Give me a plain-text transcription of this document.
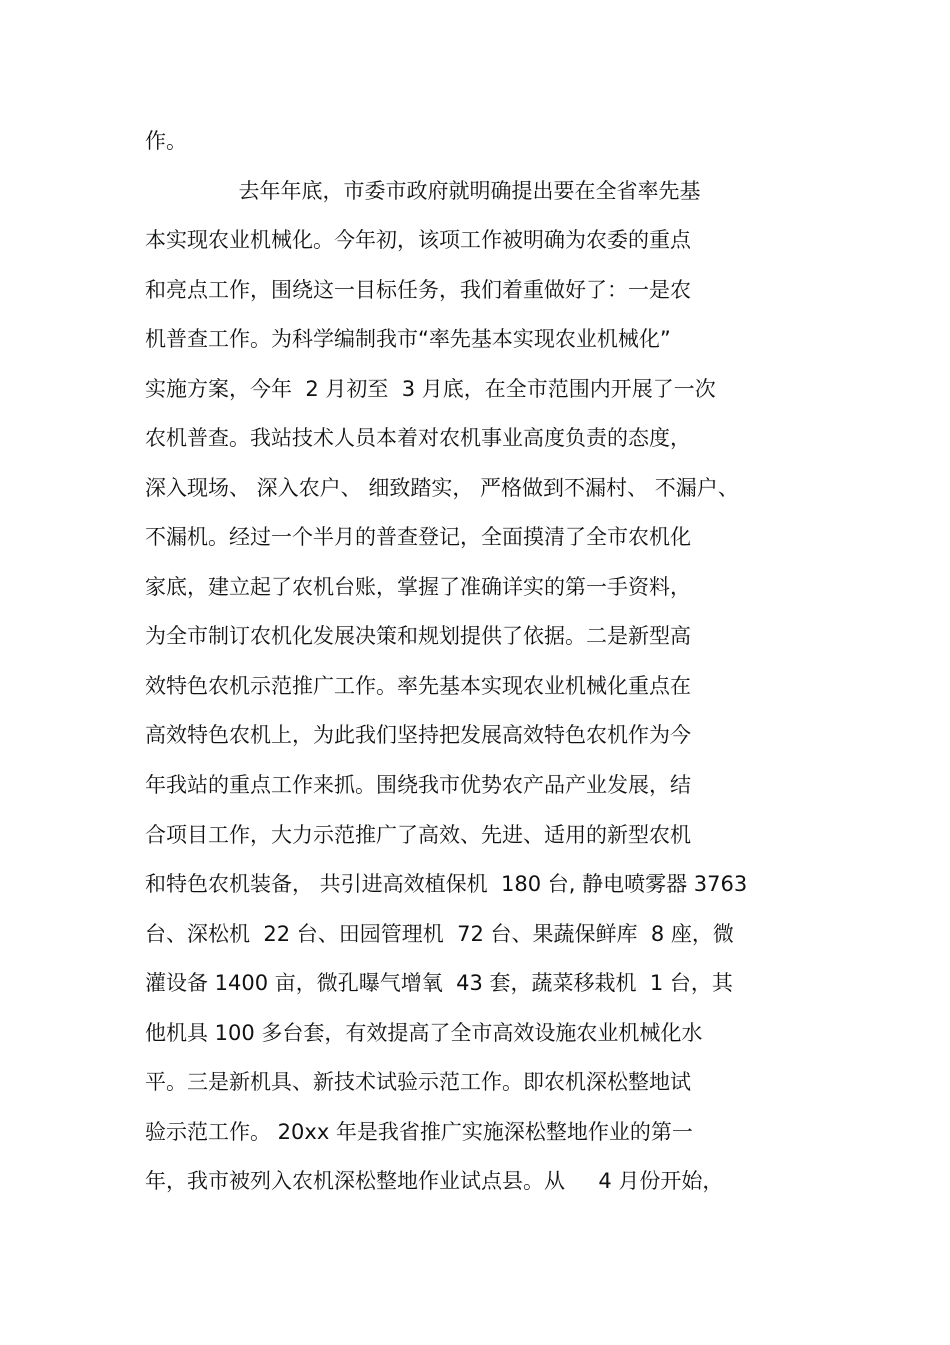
作。
去年年底，市委市政府就明确提出要在全省率先基
本实现农业机械化。今年初，该项工作被明确为农委的重点
和亮点工作，围绕这一目标任务，我们着重做好了：一是农
机普查工作。为科学编制我市“率先基本实现农业机械化”
实施方案，今年  2 月初至  3 月底，在全市范围内开展了一次
农机普查。我站技术人员本着对农机事业高度负责的态度，
深入现场、 深入农户、 细致踏实， 严格做到不漏村、 不漏户、
不漏机。经过一个半月的普查登记，全面摸清了全市农机化
家底，建立起了农机台账，掌握了准确详实的第一手资料，
为全市制订农机化发展决策和规划提供了依据。二是新型高
效特色农机示范推广工作。率先基本实现农业机械化重点在
高效特色农机上，为此我们坚持把发展高效特色农机作为今
年我站的重点工作来抓。围绕我市优势农产品产业发展，结
合项目工作，大力示范推广了高效、先进、适用的新型农机
和特色农机装备， 共引进高效植保机  180 台, 静电喷雾器 3763
台、深松机  22 台、田园管理机  72 台、果蔬保鲜库  8 座，微
灌设备 1400 亩，微孔曝气增氧  43 套，蔬菜移栽机  1 台，其
他机具 100 多台套，有效提高了全市高效设施农业机械化水
平。三是新机具、新技术试验示范工作。即农机深松整地试
验示范工作。 20xx 年是我省推广实施深松整地作业的第一
年，我市被列入农机深松整地作业试点县。从     4 月份开始，
